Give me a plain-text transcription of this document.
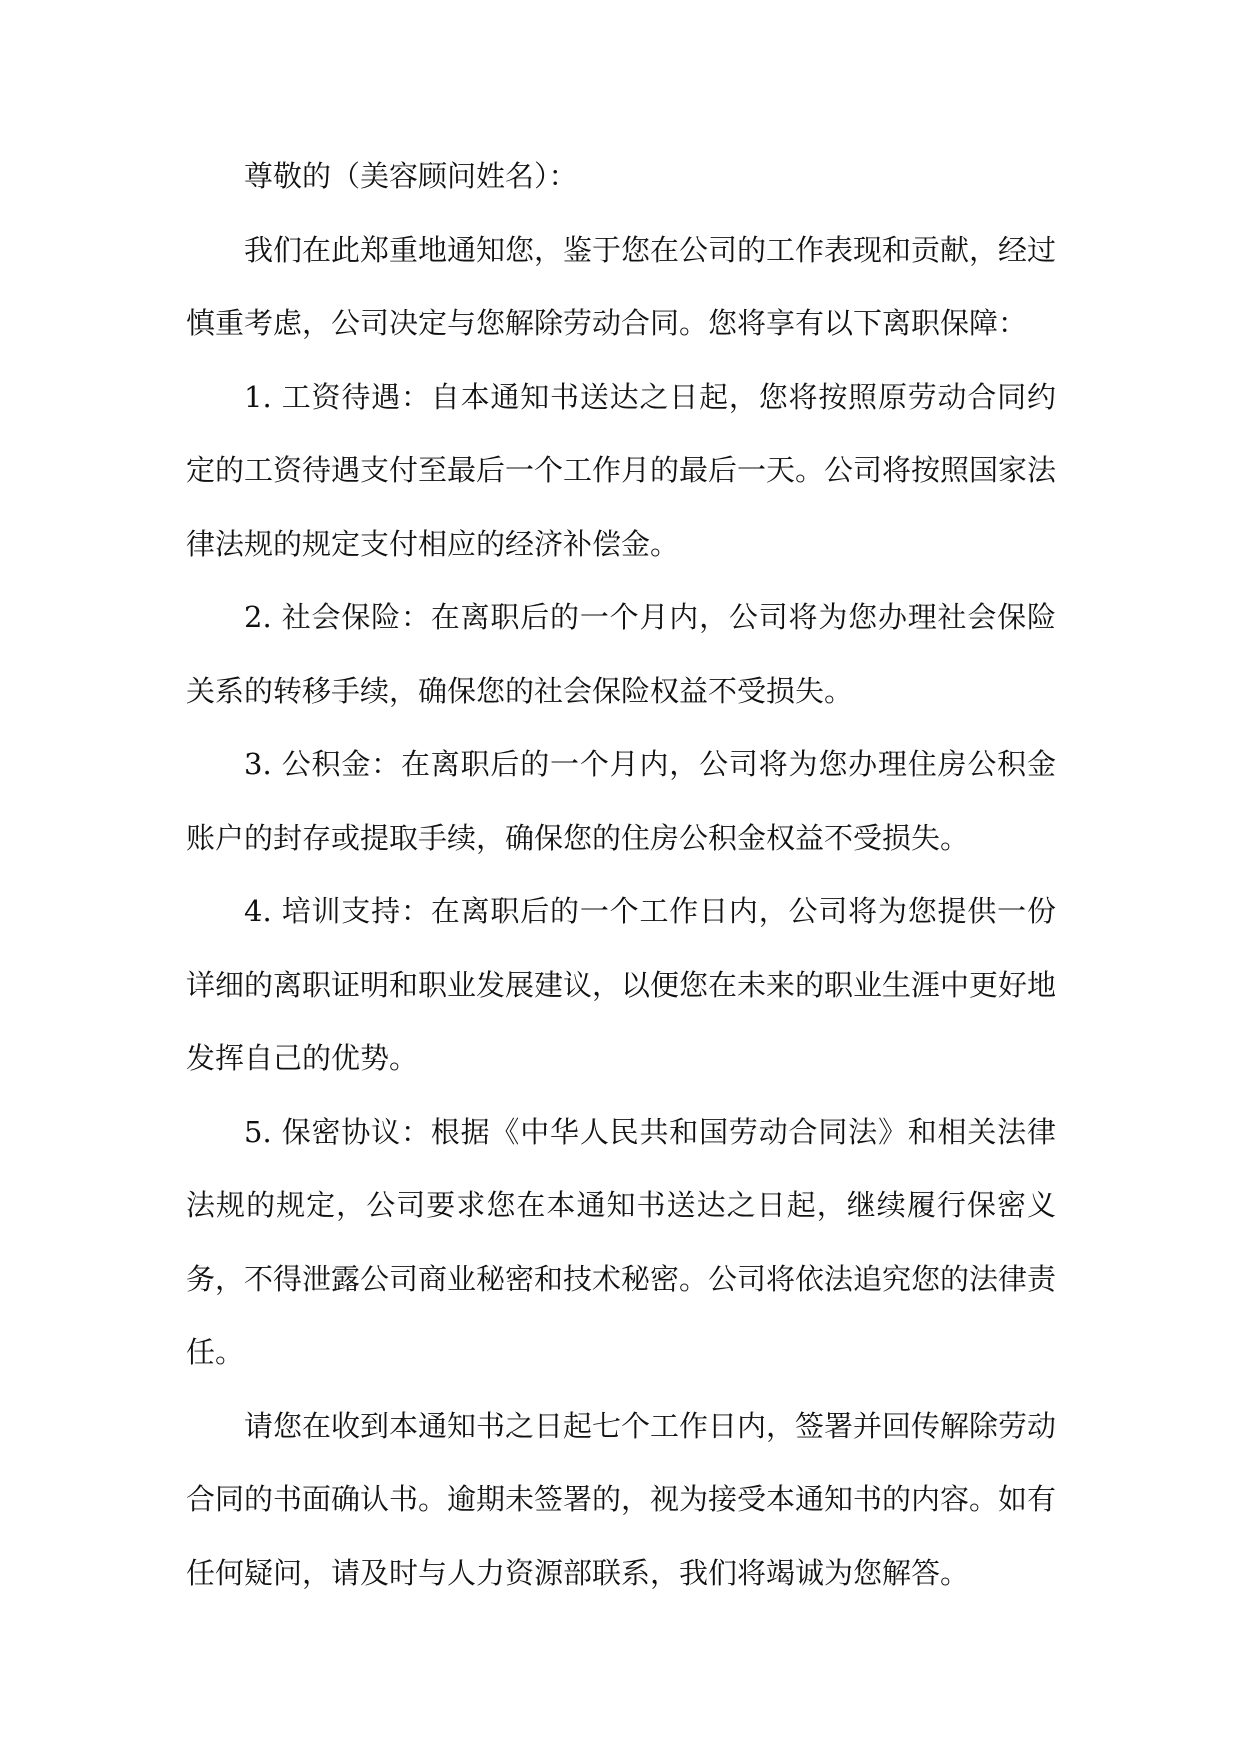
尊敬的（美容顾问姓名）：

我们在此郑重地通知您，鉴于您在公司的工作表现和贡献，经过慎重考虑，公司决定与您解除劳动合同。您将享有以下离职保障：

1. 工资待遇：自本通知书送达之日起，您将按照原劳动合同约定的工资待遇支付至最后一个工作月的最后一天。公司将按照国家法律法规的规定支付相应的经济补偿金。

2. 社会保险：在离职后的一个月内，公司将为您办理社会保险关系的转移手续，确保您的社会保险权益不受损失。

3. 公积金：在离职后的一个月内，公司将为您办理住房公积金账户的封存或提取手续，确保您的住房公积金权益不受损失。

4. 培训支持：在离职后的一个工作日内，公司将为您提供一份详细的离职证明和职业发展建议，以便您在未来的职业生涯中更好地发挥自己的优势。

5. 保密协议：根据《中华人民共和国劳动合同法》和相关法律法规的规定，公司要求您在本通知书送达之日起，继续履行保密义务，不得泄露公司商业秘密和技术秘密。公司将依法追究您的法律责任。

请您在收到本通知书之日起七个工作日内，签署并回传解除劳动合同的书面确认书。逾期未签署的，视为接受本通知书的内容。如有任何疑问，请及时与人力资源部联系，我们将竭诚为您解答。
